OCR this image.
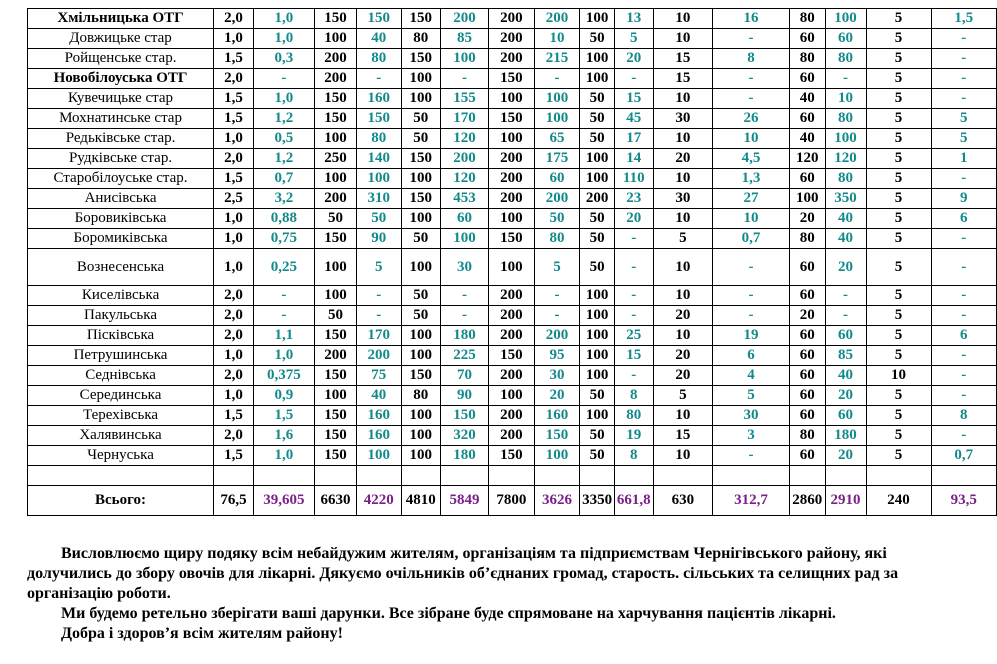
Хмільницька ОТГ	2,0	1,0	150	150	150	200	200	200	100	13	10	16	80	100	5	1,5
Довжицьке стар	1,0	1,0	100	40	80	85	200	10	50	5	10	-	60	60	5	-
Ройщенське стар.	1,5	0,3	200	80	150	100	200	215	100	20	15	8	80	80	5	-
Новобілоуська ОТГ	2,0	-	200	-	100	-	150	-	100	-	15	-	60	-	5	-
Кувечицьке стар	1,5	1,0	150	160	100	155	100	100	50	15	10	-	40	10	5	-
Мохнатинське стар	1,5	1,2	150	150	50	170	150	100	50	45	30	26	60	80	5	5
Редьківське стар.	1,0	0,5	100	80	50	120	100	65	50	17	10	10	40	100	5	5
Рудківське стар.	2,0	1,2	250	140	150	200	200	175	100	14	20	4,5	120	120	5	1
Старобілоуське стар.	1,5	0,7	100	100	100	120	200	60	100	110	10	1,3	60	80	5	-
Анисівська	2,5	3,2	200	310	150	453	200	200	200	23	30	27	100	350	5	9
Боровиківська	1,0	0,88	50	50	100	60	100	50	50	20	10	10	20	40	5	6
Боромиківська	1,0	0,75	150	90	50	100	150	80	50	-	5	0,7	80	40	5	-
Вознесенська	1,0	0,25	100	5	100	30	100	5	50	-	10	-	60	20	5	-
Киселівська	2,0	-	100	-	50	-	200	-	100	-	10	-	60	-	5	-
Пакульська	2,0	-	50	-	50	-	200	-	100	-	20	-	20	-	5	-
Пісківська	2,0	1,1	150	170	100	180	200	200	100	25	10	19	60	60	5	6
Петрушинська	1,0	1,0	200	200	100	225	150	95	100	15	20	6	60	85	5	-
Седнівська	2,0	0,375	150	75	150	70	200	30	100	-	20	4	60	40	10	-
Серединська	1,0	0,9	100	40	80	90	100	20	50	8	5	5	60	20	5	-
Терехівська	1,5	1,5	150	160	100	150	200	160	100	80	10	30	60	60	5	8
Халявинська	2,0	1,6	150	160	100	320	200	150	50	19	15	3	80	180	5	-
Чернуська	1,5	1,0	150	100	100	180	150	100	50	8	10	-	60	20	5	0,7

Всього:	76,5	39,605	6630	4220	4810	5849	7800	3626	3350	661,8	630	312,7	2860	2910	240	93,5

Висловлюємо щиру подяку всім небайдужим жителям, організаціям та підприємствам Чернігівського району, які долучились до збору овочів для лікарні. Дякуємо очільників об’єднаних громад, старость. сільських та селищних рад за організацію роботи.

Ми будемо ретельно зберігати ваші дарунки. Все зібране буде спрямоване на харчування пацієнтів лікарні.

Добра і здоров’я всім жителям району!
